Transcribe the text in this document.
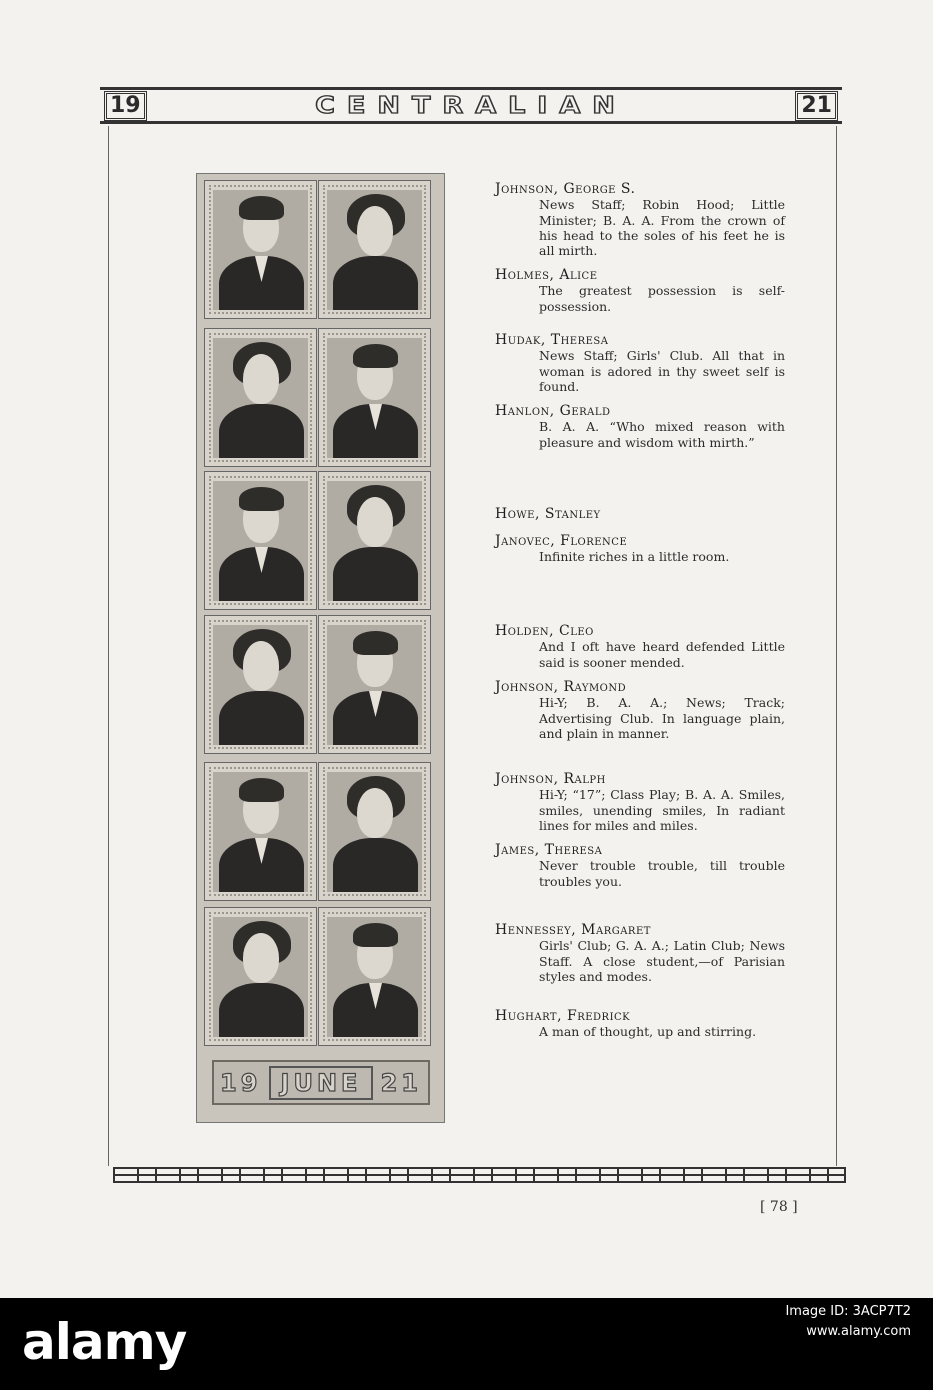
19	CENTRALIAN	21
19 JUNE 21
Johnson, George S.
News Staff; Robin Hood; Little Minister; B. A. A. From the crown of his head to the soles of his feet he is all mirth.
Holmes, Alice
The greatest possession is self-possession.
Hudak, Theresa
News Staff; Girls' Club. All that in woman is adored in thy sweet self is found.
Hanlon, Gerald
B. A. A. “Who mixed reason with pleasure and wisdom with mirth.”
Howe, Stanley
Janovec, Florence
Infinite riches in a little room.
Holden, Cleo
And I oft have heard defended Little said is sooner mended.
Johnson, Raymond
Hi-Y; B. A. A.; News; Track; Advertising Club. In language plain, and plain in manner.
Johnson, Ralph
Hi-Y; “17”; Class Play; B. A. A. Smiles, smiles, unending smiles, In radiant lines for miles and miles.
James, Theresa
Never trouble trouble, till trouble troubles you.
Hennessey, Margaret
Girls' Club; G. A. A.; Latin Club; News Staff. A close student,—of Parisian styles and modes.
Hughart, Fredrick
A man of thought, up and stirring.
[ 78 ]
alamy
Image ID: 3ACP7T2
www.alamy.com
